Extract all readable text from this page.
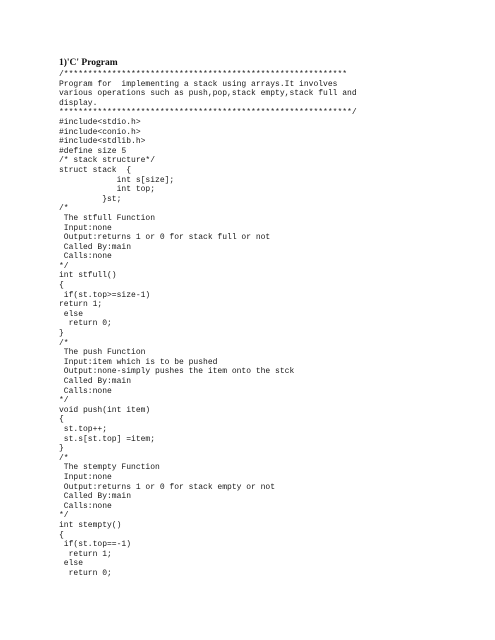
1)'C' Program
/***********************************************************
Program for  implementing a stack using arrays.It involves
various operations such as push,pop,stack empty,stack full and
display.
*************************************************************/
#include<stdio.h>
#include<conio.h>
#include<stdlib.h>
#define size 5
/* stack structure*/
struct stack  {
int s[size];
int top;
}st;
/*
The stfull Function
Input:none
Output:returns 1 or 0 for stack full or not
Called By:main
Calls:none
*/
int stfull()
{
if(st.top>=size-1)
return 1;
else
return 0;
}
/*
The push Function
Input:item which is to be pushed
Output:none-simply pushes the item onto the stck
Called By:main
Calls:none
*/
void push(int item)
{
st.top++;
st.s[st.top] =item;
}
/*
The stempty Function
Input:none
Output:returns 1 or 0 for stack empty or not
Called By:main
Calls:none
*/
int stempty()
{
if(st.top==-1)
return 1;
else
return 0;
